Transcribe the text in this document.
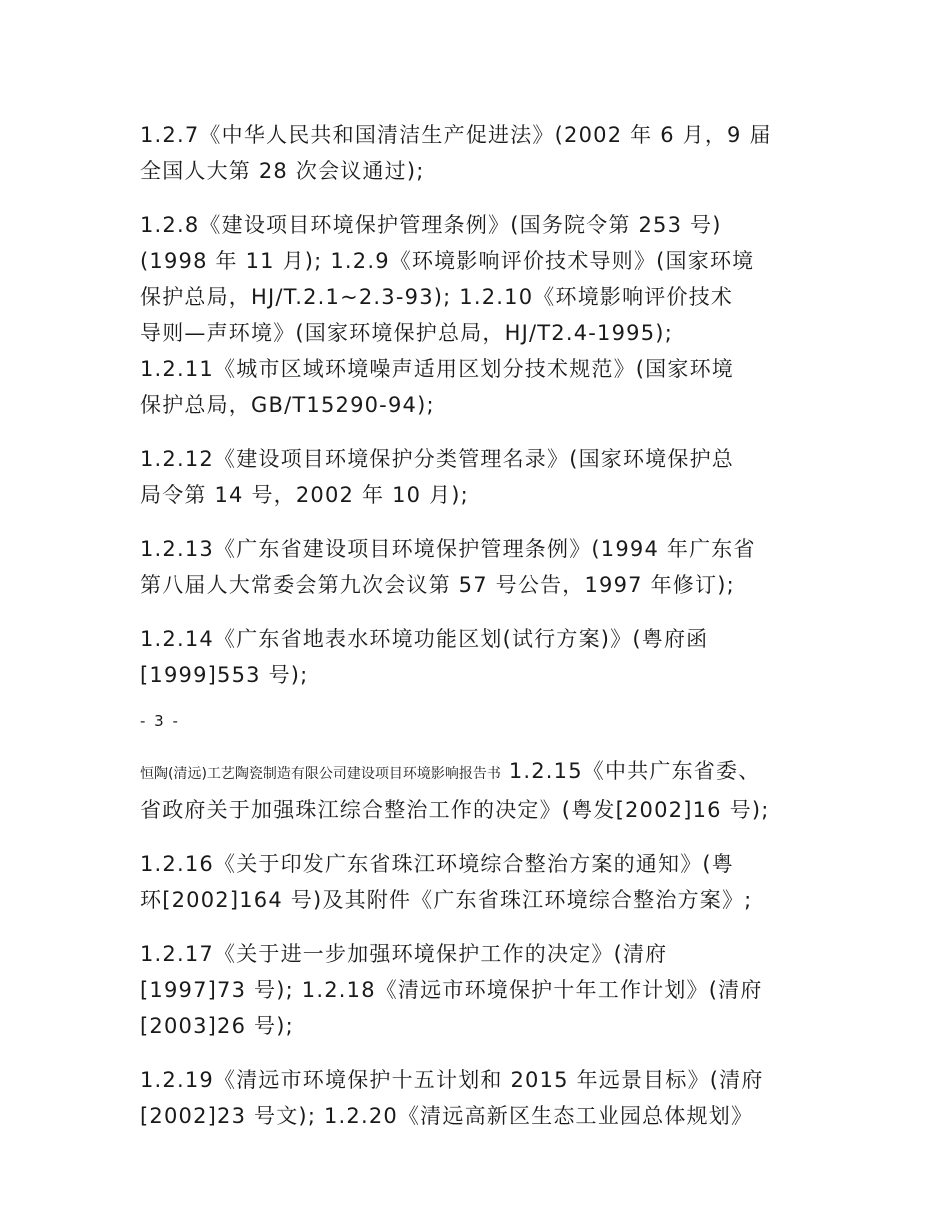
1.2.7《中华人民共和国清洁生产促进法》(2002 年 6 月，9 届
全国人大第 28 次会议通过);
1.2.8《建设项目环境保护管理条例》(国务院令第 253 号)
(1998 年 11 月); 1.2.9《环境影响评价技术导则》(国家环境
保护总局，HJ/T.2.1~2.3-93); 1.2.10《环境影响评价技术
导则—声环境》(国家环境保护总局，HJ/T2.4-1995);
1.2.11《城市区域环境噪声适用区划分技术规范》(国家环境
保护总局，GB/T15290-94);
1.2.12《建设项目环境保护分类管理名录》(国家环境保护总
局令第 14 号，2002 年 10 月);
1.2.13《广东省建设项目环境保护管理条例》(1994 年广东省
第八届人大常委会第九次会议第 57 号公告，1997 年修订);
1.2.14《广东省地表水环境功能区划(试行方案)》(粤府函
[1999]553 号);
- 3 -
恒陶(清远)工艺陶瓷制造有限公司建设项目环境影响报告书 1.2.15《中共广东省委、
省政府关于加强珠江综合整治工作的决定》(粤发[2002]16 号);
1.2.16《关于印发广东省珠江环境综合整治方案的通知》(粤
环[2002]164 号)及其附件《广东省珠江环境综合整治方案》;
1.2.17《关于进一步加强环境保护工作的决定》(清府
[1997]73 号); 1.2.18《清远市环境保护十年工作计划》(清府
[2003]26 号);
1.2.19《清远市环境保护十五计划和 2015 年远景目标》(清府
[2002]23 号文); 1.2.20《清远高新区生态工业园总体规划》
